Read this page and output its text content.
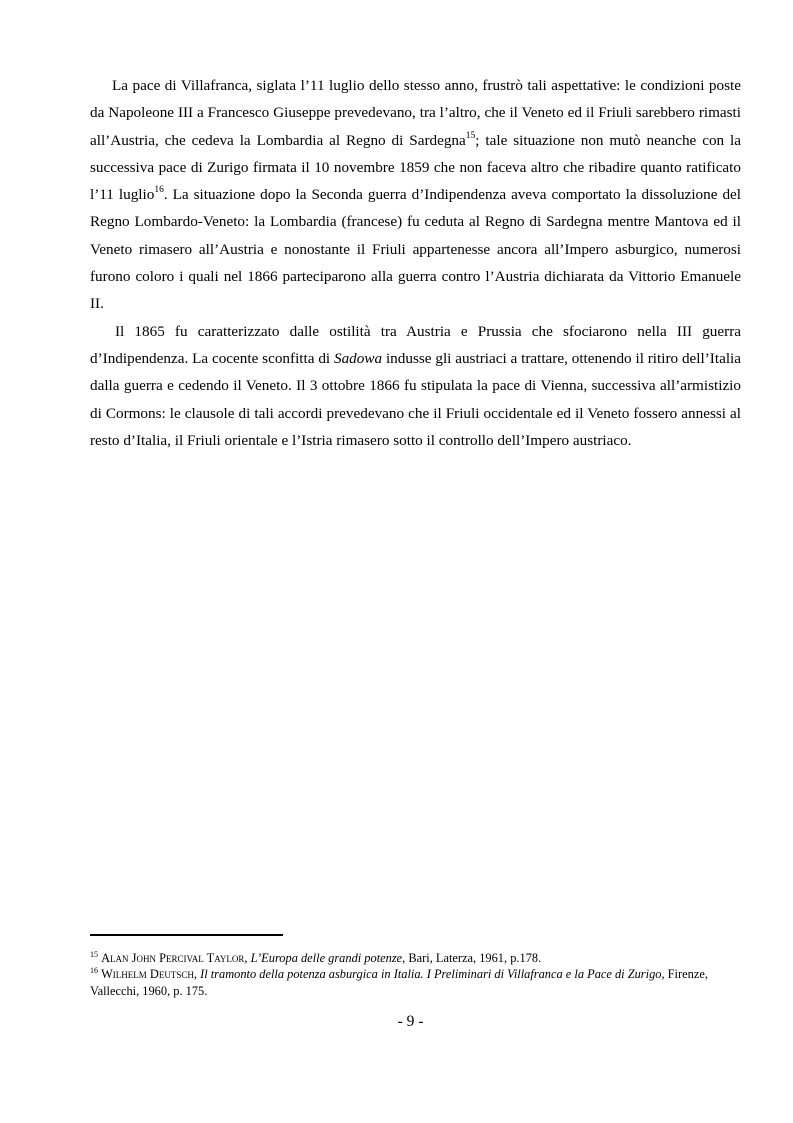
La pace di Villafranca, siglata l’11 luglio dello stesso anno, frustrò tali aspettative: le condizioni poste da Napoleone III a Francesco Giuseppe prevedevano, tra l’altro, che il Veneto ed il Friuli sarebbero rimasti all’Austria, che cedeva la Lombardia al Regno di Sardegna$^{15}$; tale situazione non mutò neanche con la successiva pace di Zurigo firmata il 10 novembre 1859 che non faceva altro che ribadire quanto ratificato l’11 luglio$^{16}$. La situazione dopo la Seconda guerra d’Indipendenza aveva comportato la dissoluzione del Regno Lombardo-Veneto: la Lombardia (francese) fu ceduta al Regno di Sardegna mentre Mantova ed il Veneto rimasero all’Austria e nonostante il Friuli appartenesse ancora all’Impero asburgico, numerosi furono coloro i quali nel 1866 parteciparono alla guerra contro l’Austria dichiarata da Vittorio Emanuele II.

Il 1865 fu caratterizzato dalle ostilità tra Austria e Prussia che sfociarono nella III guerra d’Indipendenza. La cocente sconfitta di Sadowa indusse gli austriaci a trattare, ottenendo il ritiro dell’Italia dalla guerra e cedendo il Veneto. Il 3 ottobre 1866 fu stipulata la pace di Vienna, successiva all’armistizio di Cormons: le clausole di tali accordi prevedevano che il Friuli occidentale ed il Veneto fossero annessi al resto d’Italia, il Friuli orientale e l’Istria rimasero sotto il controllo dell’Impero austriaco.

$^{15}$ Alan John Percival Taylor, L’Europa delle grandi potenze, Bari, Laterza, 1961, p.178.

$^{16}$ Wilhelm Deutsch, Il tramonto della potenza asburgica in Italia. I Preliminari di Villafranca e la Pace di Zurigo, Firenze, Vallecchi, 1960, p. 175.

- 9 -
